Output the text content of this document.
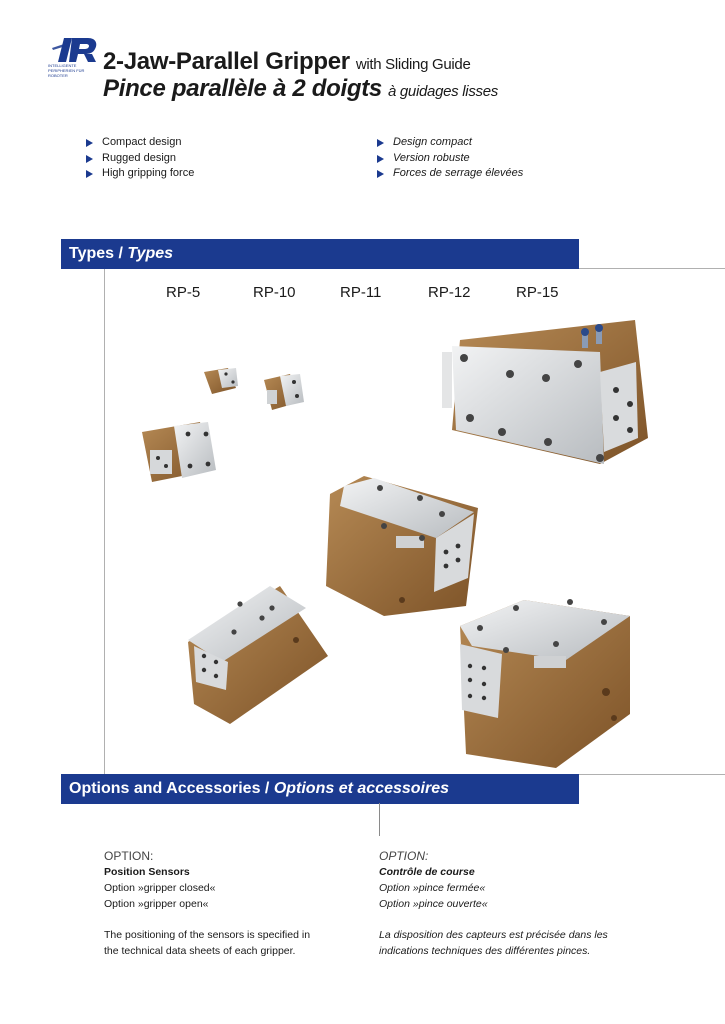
INTELLIGENTE PERIPHERIEN FÜR ROBOTER
2-Jaw-Parallel Gripper with Sliding Guide
Pince parallèle à 2 doigts à guidages lisses
Compact design
Rugged design
High gripping force
Design compact
Version robuste
Forces de serrage élevées
Types / Types
RP-5	RP-10	RP-11	RP-12	RP-15
Options and Accessories / Options et accessoires
OPTION:
Position Sensors
Option »gripper closed«
Option »gripper open«
The positioning of the sensors is specified in
the technical data sheets of each gripper.
OPTION:
Contrôle de course
Option »pince fermée«
Option »pince ouverte«
La disposition des capteurs est précisée dans les
indications techniques des différentes pinces.
